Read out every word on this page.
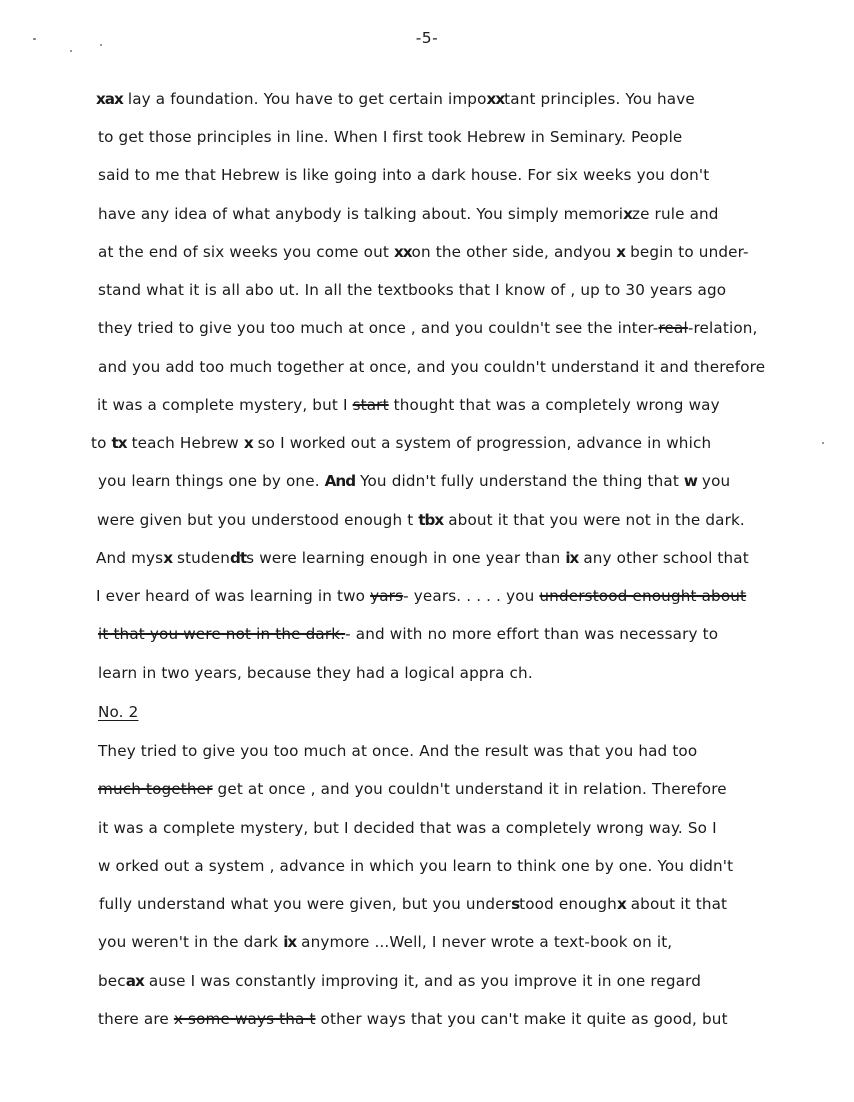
-5-
xax lay a foundation. You have to get certain impoxxtant principles. You have
to get those principles in line. When I first took Hebrew in Seminary. People
said to me that Hebrew is like going into a dark house. For six weeks you don't
have any idea of what anybody is talking about. You simply memorixze rule and
at the end of six weeks you come out xxon the other side, andyou x begin to under-
stand what it is all abo ut. In all the textbooks that I know of , up to 30 years ago
they tried to give you too much at once , and you couldn't see the inter-real-relation,
and you add too much together at once, and you couldn't understand it and therefore
it was a complete mystery, but I start thought that was a completely wrong way
to tx teach Hebrew x so I worked out a system of progression, advance in which
you learn things one by one. And You didn't fully understand the thing that w you
were given but you understood enough t tbx about it that you were not in the dark.
And mysx studendts were learning enough in one year than ix any other school that
I ever heard of was learning in two yars- years. . . . . you understood enought about
it that you were not in the dark.- and with no more effort than was necessary to
learn in two years, because they had a logical appra ch.
No. 2
They tried to give you too much at once. And the result was that you had too
much together get at once , and you couldn't understand it in relation. Therefore
it was a complete mystery, but I decided that was a completely wrong way. So I
w orked out a system , advance in which you learn to think one by one. You didn't
fully understand what you were given, but you understood enoughx about it that
you weren't in the dark ix anymore ...Well, I never wrote a text-book on it,
becax ause I was constantly improving it, and as you improve it in one regard
there are x some ways tha t other ways that you can't make it quite as good, but
